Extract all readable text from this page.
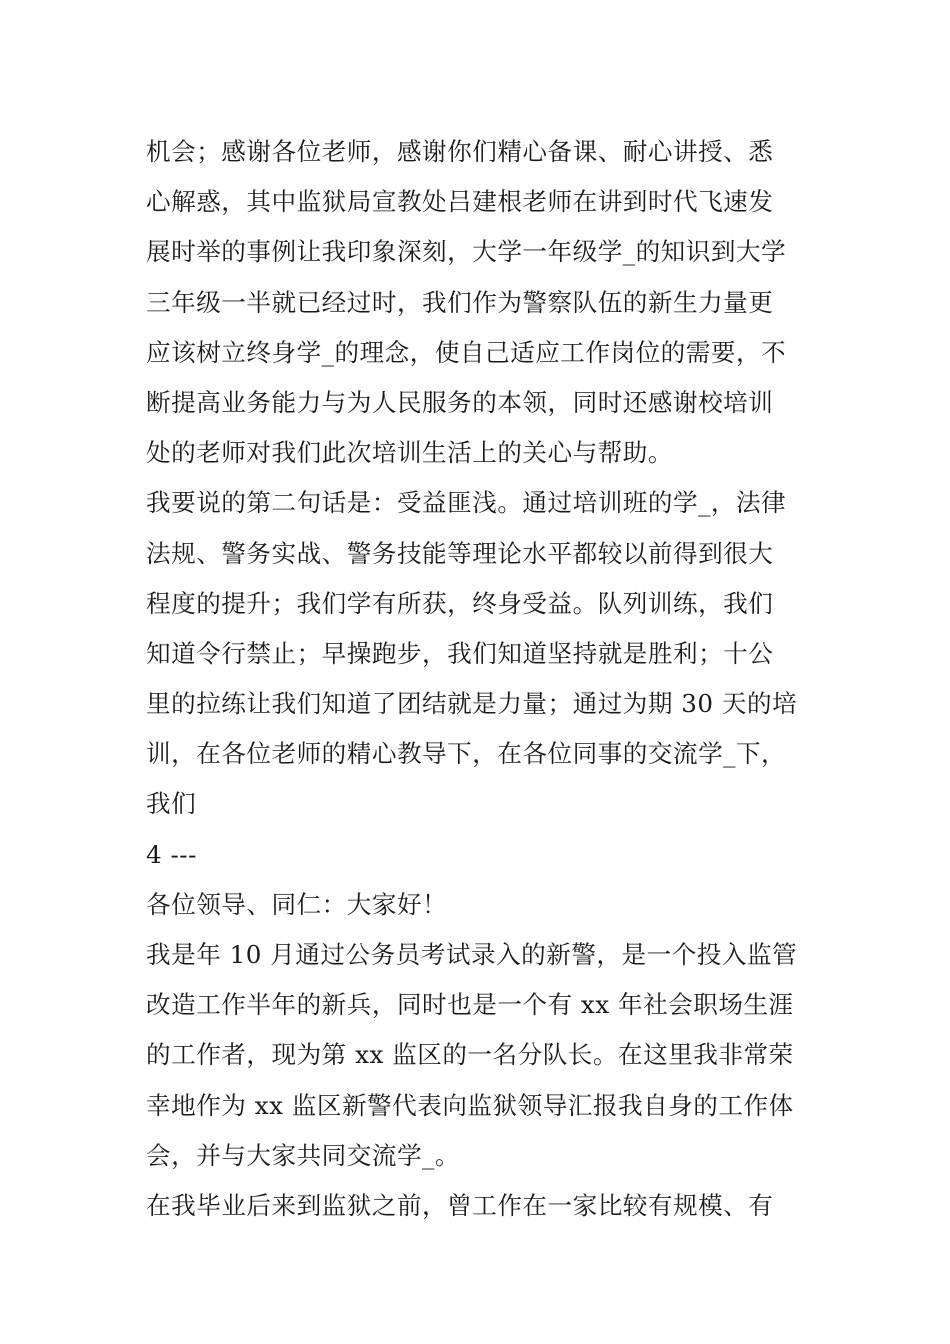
机会；感谢各位老师，感谢你们精心备课、耐心讲授、悉
心解惑，其中监狱局宣教处吕建根老师在讲到时代飞速发
展时举的事例让我印象深刻，大学一年级学_的知识到大学
三年级一半就已经过时，我们作为警察队伍的新生力量更
应该树立终身学_的理念，使自己适应工作岗位的需要，不
断提高业务能力与为人民服务的本领，同时还感谢校培训
处的老师对我们此次培训生活上的关心与帮助。
我要说的第二句话是：受益匪浅。通过培训班的学_，法律
法规、警务实战、警务技能等理论水平都较以前得到很大
程度的提升；我们学有所获，终身受益。队列训练，我们
知道令行禁止；早操跑步，我们知道坚持就是胜利；十公
里的拉练让我们知道了团结就是力量；通过为期 30 天的培
训，在各位老师的精心教导下，在各位同事的交流学_下，
我们
4 ---
各位领导、同仁：大家好！
我是年 10 月通过公务员考试录入的新警，是一个投入监管
改造工作半年的新兵，同时也是一个有 xx 年社会职场生涯
的工作者，现为第 xx 监区的一名分队长。在这里我非常荣
幸地作为 xx 监区新警代表向监狱领导汇报我自身的工作体
会，并与大家共同交流学_。
在我毕业后来到监狱之前，曾工作在一家比较有规模、有
